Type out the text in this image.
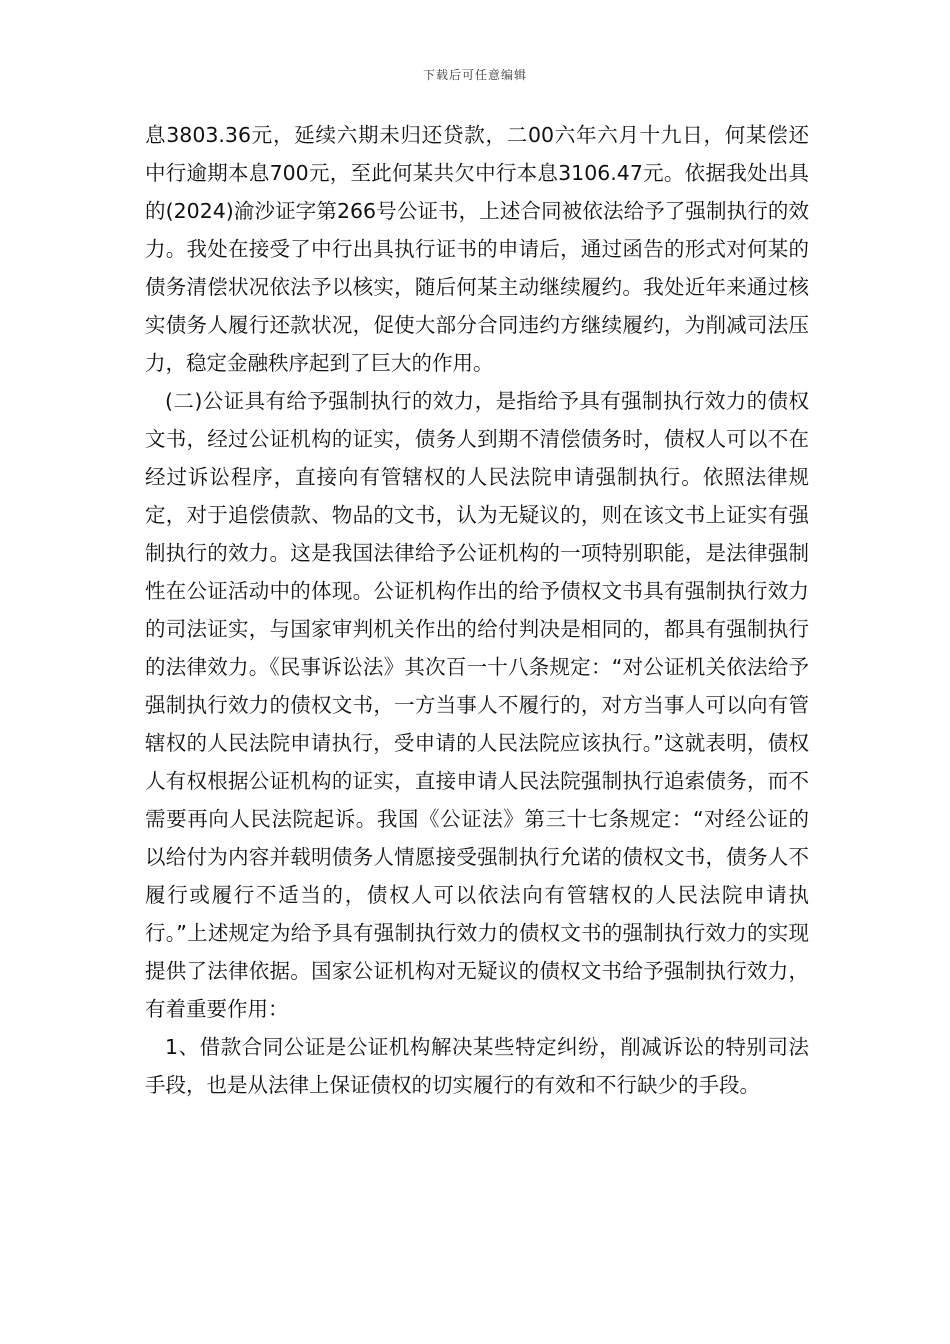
下载后可任意编辑

息3803.36元，延续六期未归还贷款，二00六年六月十九日，何某偿还中行逾期本息700元，至此何某共欠中行本息3106.47元。依据我处出具的(2024)渝沙证字第266号公证书，上述合同被依法给予了强制执行的效力。我处在接受了中行出具执行证书的申请后，通过函告的形式对何某的债务清偿状况依法予以核实，随后何某主动继续履约。我处近年来通过核实债务人履行还款状况，促使大部分合同违约方继续履约，为削减司法压力，稳定金融秩序起到了巨大的作用。

(二)公证具有给予强制执行的效力，是指给予具有强制执行效力的债权文书，经过公证机构的证实，债务人到期不清偿债务时，债权人可以不在经过诉讼程序，直接向有管辖权的人民法院申请强制执行。依照法律规定，对于追偿债款、物品的文书，认为无疑议的，则在该文书上证实有强制执行的效力。这是我国法律给予公证机构的一项特别职能，是法律强制性在公证活动中的体现。公证机构作出的给予债权文书具有强制执行效力的司法证实，与国家审判机关作出的给付判决是相同的，都具有强制执行的法律效力。《民事诉讼法》其次百一十八条规定：“对公证机关依法给予强制执行效力的债权文书，一方当事人不履行的，对方当事人可以向有管辖权的人民法院申请执行，受申请的人民法院应该执行。”这就表明，债权人有权根据公证机构的证实，直接申请人民法院强制执行追索债务，而不需要再向人民法院起诉。我国《公证法》第三十七条规定：“对经公证的以给付为内容并载明债务人情愿接受强制执行允诺的债权文书，债务人不履行或履行不适当的，债权人可以依法向有管辖权的人民法院申请执行。”上述规定为给予具有强制执行效力的债权文书的强制执行效力的实现提供了法律依据。国家公证机构对无疑议的债权文书给予强制执行效力，有着重要作用：

1、借款合同公证是公证机构解决某些特定纠纷，削减诉讼的特别司法手段，也是从法律上保证债权的切实履行的有效和不行缺少的手段。
